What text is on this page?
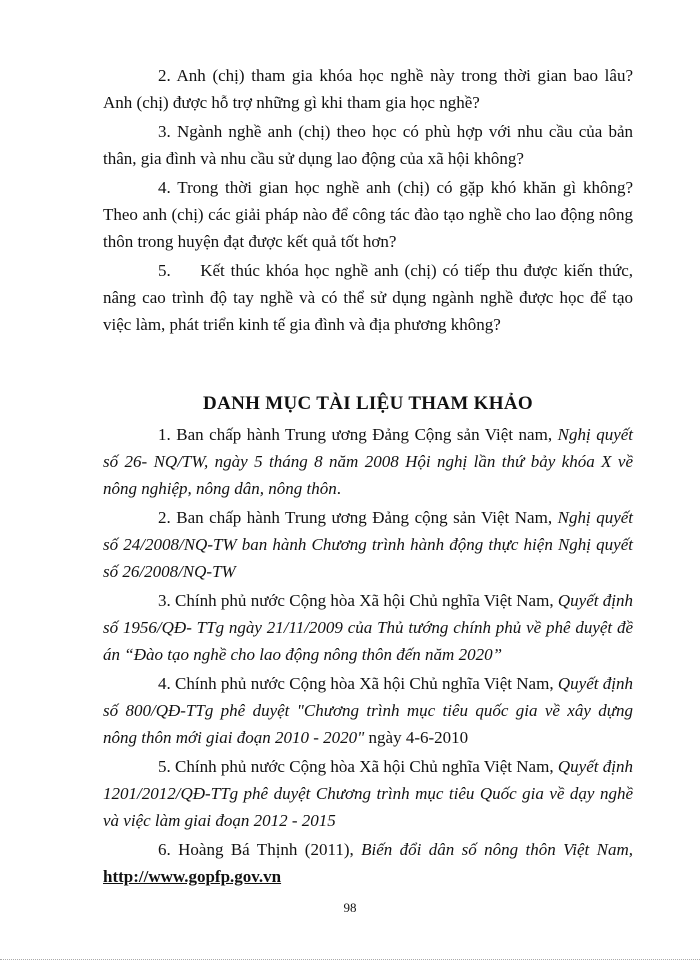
2. Anh (chị) tham gia khóa học nghề này trong thời gian bao lâu? Anh (chị) được hỗ trợ những gì khi tham gia học nghề?

3. Ngành nghề anh (chị) theo học có phù hợp với nhu cầu của bản thân, gia đình và nhu cầu sử dụng lao động của xã hội không?

4. Trong thời gian học nghề anh (chị) có gặp khó khăn gì không? Theo anh (chị) các giải pháp nào để công tác đào tạo nghề cho lao động nông thôn trong huyện đạt được kết quả tốt hơn?

5. Kết thúc khóa học nghề anh (chị) có tiếp thu được kiến thức, nâng cao trình độ tay nghề và có thể sử dụng ngành nghề được học để tạo việc làm, phát triển kinh tế gia đình và địa phương không?

DANH MỤC TÀI LIỆU THAM KHẢO

1. Ban chấp hành Trung ương Đảng Cộng sản Việt nam, Nghị quyết số 26- NQ/TW, ngày 5 tháng 8 năm 2008 Hội nghị lần thứ bảy khóa X về nông nghiệp, nông dân, nông thôn.

2. Ban chấp hành Trung ương Đảng cộng sản Việt Nam, Nghị quyết số 24/2008/NQ-TW ban hành Chương trình hành động thực hiện Nghị quyết số 26/2008/NQ-TW

3. Chính phủ nước Cộng hòa Xã hội Chủ nghĩa Việt Nam, Quyết định số 1956/QĐ- TTg ngày 21/11/2009 của Thủ tướng chính phủ về phê duyệt đề án “Đào tạo nghề cho lao động nông thôn đến năm 2020”

4. Chính phủ nước Cộng hòa Xã hội Chủ nghĩa Việt Nam, Quyết định số 800/QĐ-TTg phê duyệt "Chương trình mục tiêu quốc gia về xây dựng nông thôn mới giai đoạn 2010 - 2020" ngày 4-6-2010

5. Chính phủ nước Cộng hòa Xã hội Chủ nghĩa Việt Nam, Quyết định 1201/2012/QĐ-TTg phê duyệt Chương trình mục tiêu Quốc gia về dạy nghề và việc làm giai đoạn 2012 - 2015

6. Hoàng Bá Thịnh (2011), Biến đổi dân số nông thôn Việt Nam, http://www.gopfp.gov.vn

98
